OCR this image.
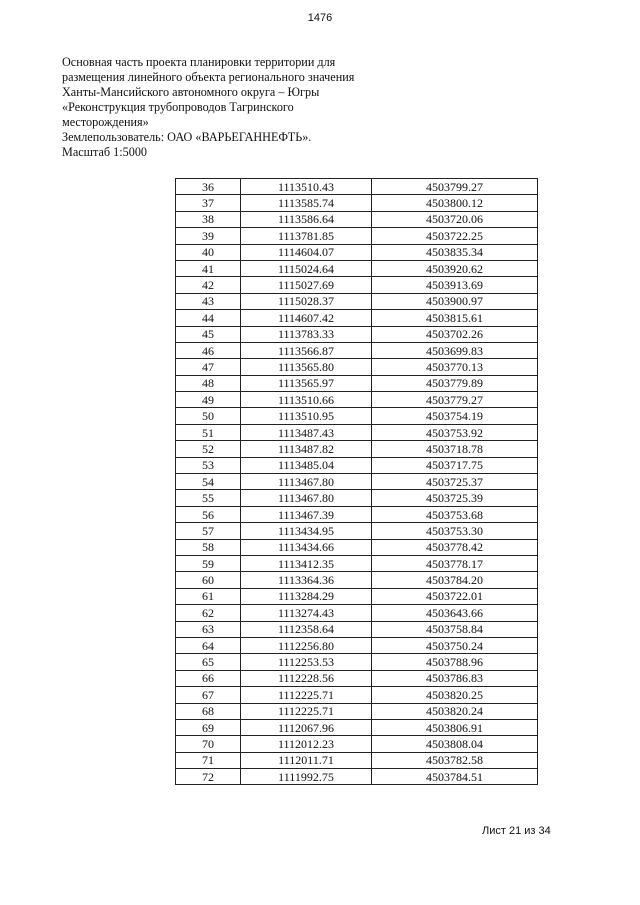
1476
Основная часть проекта планировки территории для
размещения линейного объекта регионального значения
Ханты-Мансийского автономного округа – Югры
«Реконструкция трубопроводов Тагринского
месторождения»
Землепользователь: ОАО «ВАРЬЕГАННЕФТЬ».
Масштаб 1:5000
36	1113510.43	4503799.27
37	1113585.74	4503800.12
38	1113586.64	4503720.06
39	1113781.85	4503722.25
40	1114604.07	4503835.34
41	1115024.64	4503920.62
42	1115027.69	4503913.69
43	1115028.37	4503900.97
44	1114607.42	4503815.61
45	1113783.33	4503702.26
46	1113566.87	4503699.83
47	1113565.80	4503770.13
48	1113565.97	4503779.89
49	1113510.66	4503779.27
50	1113510.95	4503754.19
51	1113487.43	4503753.92
52	1113487.82	4503718.78
53	1113485.04	4503717.75
54	1113467.80	4503725.37
55	1113467.80	4503725.39
56	1113467.39	4503753.68
57	1113434.95	4503753.30
58	1113434.66	4503778.42
59	1113412.35	4503778.17
60	1113364.36	4503784.20
61	1113284.29	4503722.01
62	1113274.43	4503643.66
63	1112358.64	4503758.84
64	1112256.80	4503750.24
65	1112253.53	4503788.96
66	1112228.56	4503786.83
67	1112225.71	4503820.25
68	1112225.71	4503820.24
69	1112067.96	4503806.91
70	1112012.23	4503808.04
71	1112011.71	4503782.58
72	1111992.75	4503784.51
Лист 21 из 34
